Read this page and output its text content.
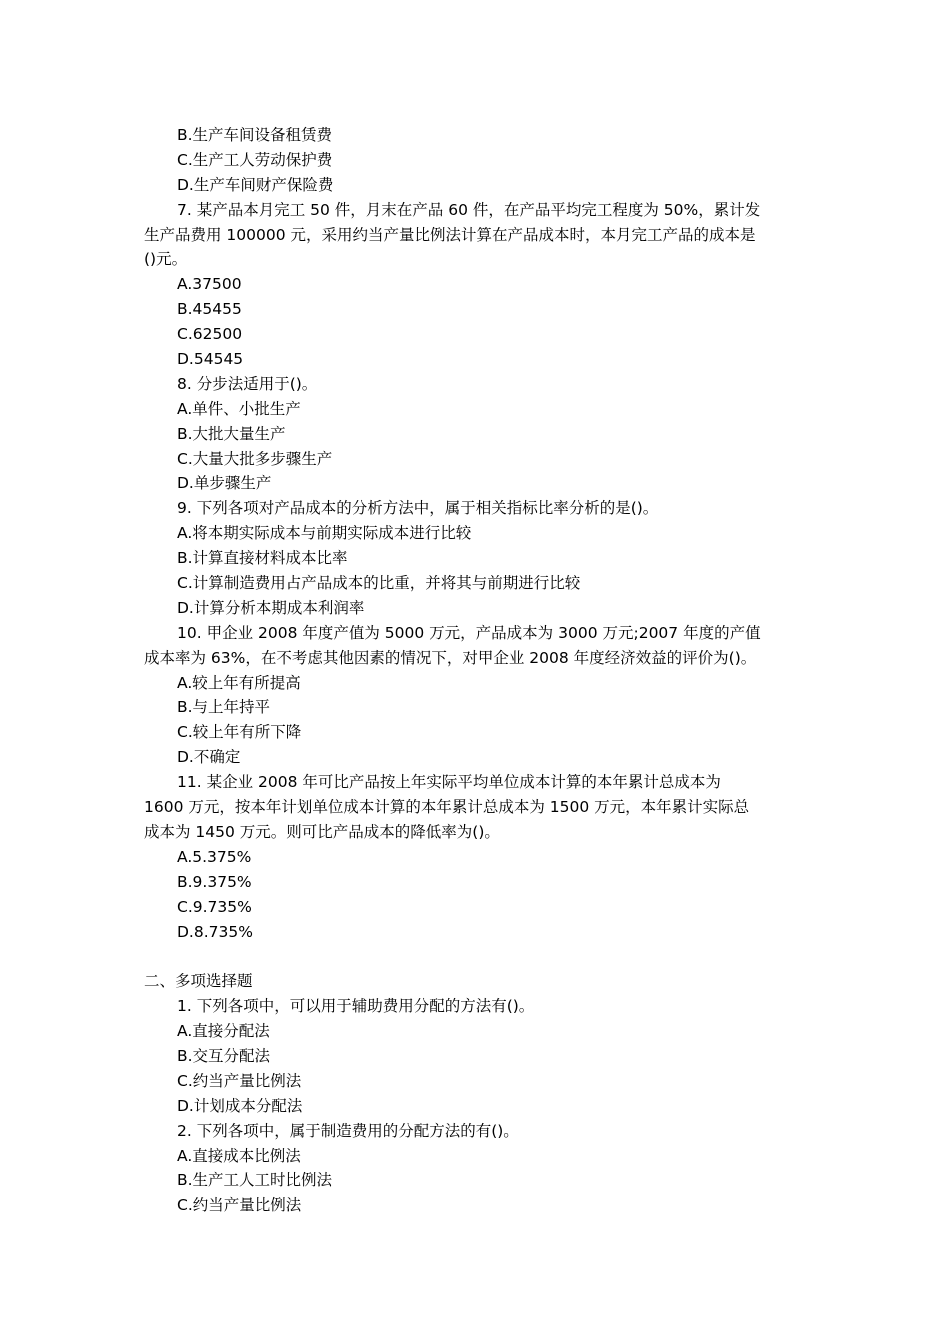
B.生产车间设备租赁费
C.生产工人劳动保护费
D.生产车间财产保险费
7. 某产品本月完工 50 件，月末在产品 60 件，在产品平均完工程度为 50%，累计发
生产品费用 100000 元，采用约当产量比例法计算在产品成本时，本月完工产品的成本是
()元。
A.37500
B.45455
C.62500
D.54545
8. 分步法适用于()。
A.单件、小批生产
B.大批大量生产
C.大量大批多步骤生产
D.单步骤生产
9. 下列各项对产品成本的分析方法中，属于相关指标比率分析的是()。
A.将本期实际成本与前期实际成本进行比较
B.计算直接材料成本比率
C.计算制造费用占产品成本的比重，并将其与前期进行比较
D.计算分析本期成本利润率
10. 甲企业 2008 年度产值为 5000 万元，产品成本为 3000 万元;2007 年度的产值
成本率为 63%，在不考虑其他因素的情况下，对甲企业 2008 年度经济效益的评价为()。
A.较上年有所提高
B.与上年持平
C.较上年有所下降
D.不确定
11. 某企业 2008 年可比产品按上年实际平均单位成本计算的本年累计总成本为
1600 万元，按本年计划单位成本计算的本年累计总成本为 1500 万元，本年累计实际总
成本为 1450 万元。则可比产品成本的降低率为()。
A.5.375%
B.9.375%
C.9.735%
D.8.735%
二、多项选择题
1. 下列各项中，可以用于辅助费用分配的方法有()。
A.直接分配法
B.交互分配法
C.约当产量比例法
D.计划成本分配法
2. 下列各项中，属于制造费用的分配方法的有()。
A.直接成本比例法
B.生产工人工时比例法
C.约当产量比例法
